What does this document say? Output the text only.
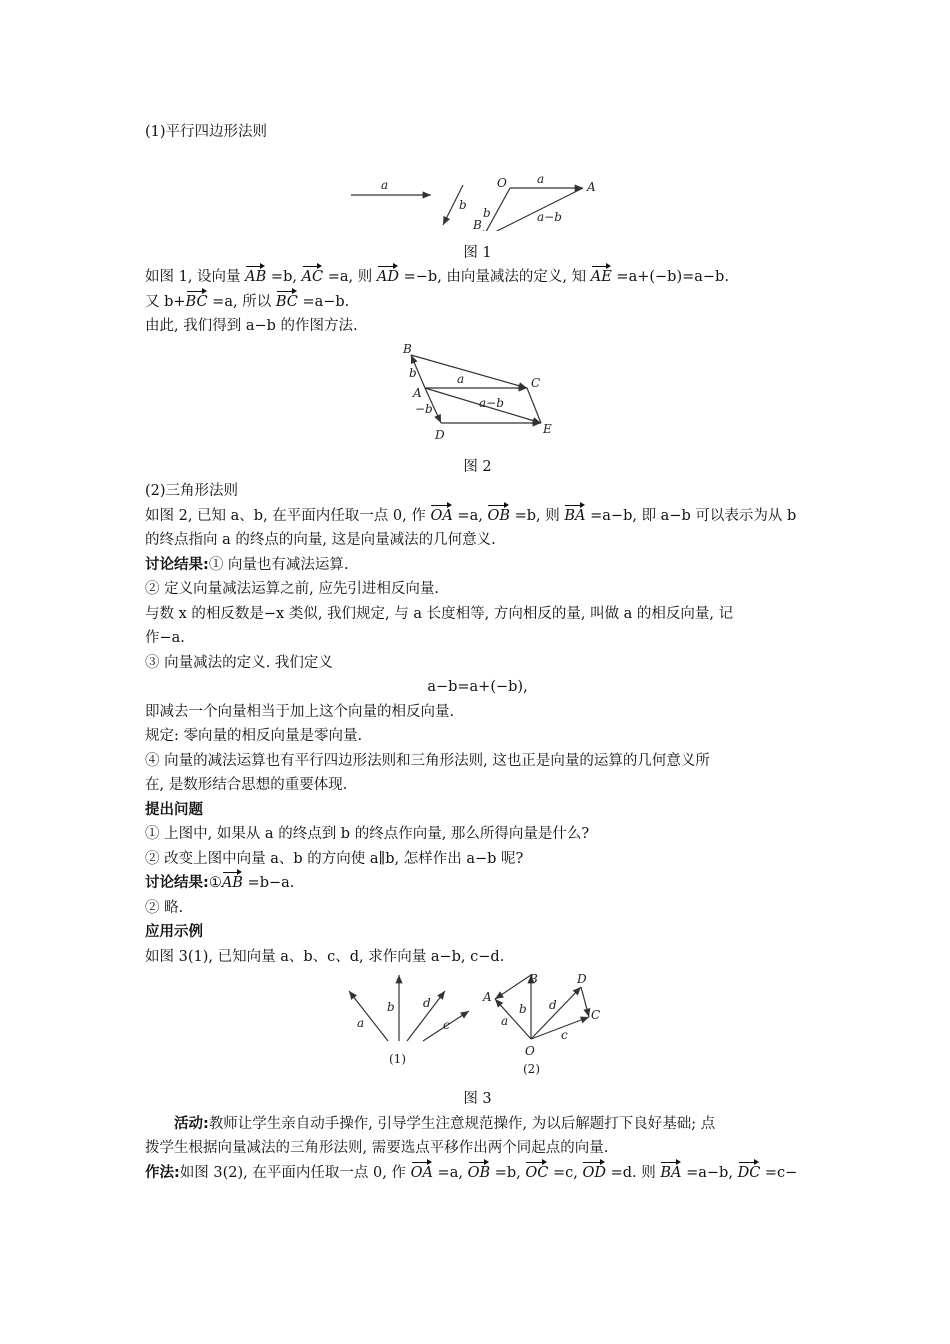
(1)平行四边形法则
a
b
O	a
A
b	a−b
B
图 1
如图 1, 设向量 AB =b, AC =a, 则 AD =−b, 由向量减法的定义, 知 AE =a+(−b)=a−b.
又 b+BC =a, 所以 BC =a−b.
由此, 我们得到 a−b 的作图方法.
B
b	a	C
A
a−b
−b
D	E
图 2
(2)三角形法则
如图 2, 已知 a、b, 在平面内任取一点 0, 作 OA =a, OB =b, 则 BA =a−b, 即 a−b 可以表示为从 b
的终点指向 a 的终点的向量, 这是向量减法的几何意义.
讨论结果:① 向量也有减法运算.
② 定义向量减法运算之前, 应先引进相反向量.
与数 x 的相反数是−x 类似, 我们规定, 与 a 长度相等, 方向相反的量, 叫做 a 的相反向量, 记
作−a.
③ 向量减法的定义. 我们定义
a−b=a+(−b),
即减去一个向量相当于加上这个向量的相反向量.
规定: 零向量的相反向量是零向量.
④ 向量的减法运算也有平行四边形法则和三角形法则, 这也正是向量的运算的几何意义所
在, 是数形结合思想的重要体现.
提出问题
① 上图中, 如果从 a 的终点到 b 的终点作向量, 那么所得向量是什么?
② 改变上图中向量 a、b 的方向使 a∥b, 怎样作出 a−b 呢?
讨论结果:①AB =b−a.
② 略.
应用示例
如图 3(1), 已知向量 a、b、c、d, 求作向量 a−b, c−d.
a
b d
c
(1)
B
A
D
b d
C
a
c
O
(2)
图 3
活动:教师让学生亲自动手操作, 引导学生注意规范操作, 为以后解题打下良好基础; 点
拨学生根据向量减法的三角形法则, 需要选点平移作出两个同起点的向量.
作法:如图 3(2), 在平面内任取一点 0, 作 OA =a, OB =b, OC =c, OD =d. 则 BA =a−b, DC =c−
